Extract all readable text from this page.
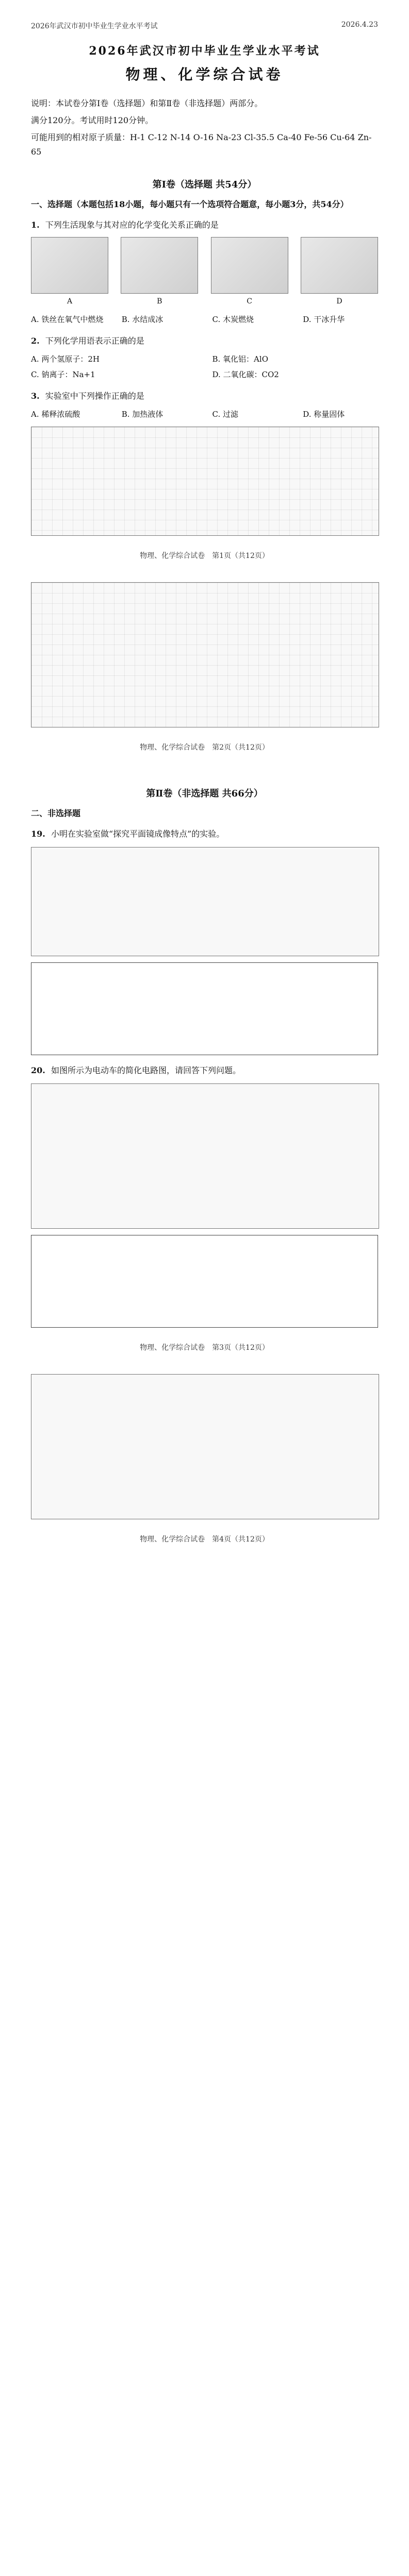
2026年武汉市初中毕业生学业水平考试	2026.4.23
2026年武汉市初中毕业生学业水平考试
物理、化学综合试卷

说明：本试卷分第Ⅰ卷（选择题）和第Ⅱ卷（非选择题）两部分。

满分120分。考试用时120分钟。

可能用到的相对原子质量：H-1 C-12 N-14 O-16 Na-23 Cl-35.5 Ca-40 Fe-56 Cu-64 Zn-65

第Ⅰ卷（选择题 共54分）
一、选择题（本题包括18小题，每小题只有一个选项符合题意，每小题3分，共54分）
1. 下列生活现象与其对应的化学变化关系正确的是
A	B	C	D
A. 铁丝在氧气中燃烧	B. 水结成冰	C. 木炭燃烧	D. 干冰升华
2. 下列化学用语表示正确的是
A. 两个氢原子：2H	B. 氧化铝：AlO
C. 钠离子：Na+1	D. 二氧化碳：CO2
3. 实验室中下列操作正确的是
A. 稀释浓硫酸	B. 加热液体	C. 过滤	D. 称量固体
物理、化学综合试卷　第1页（共12页）
物理、化学综合试卷　第2页（共12页）
第Ⅱ卷（非选择题 共66分）
二、非选择题
19. 小明在实验室做“探究平面镜成像特点”的实验。
20. 如图所示为电动车的简化电路图，请回答下列问题。
物理、化学综合试卷　第3页（共12页）
物理、化学综合试卷　第4页（共12页）
